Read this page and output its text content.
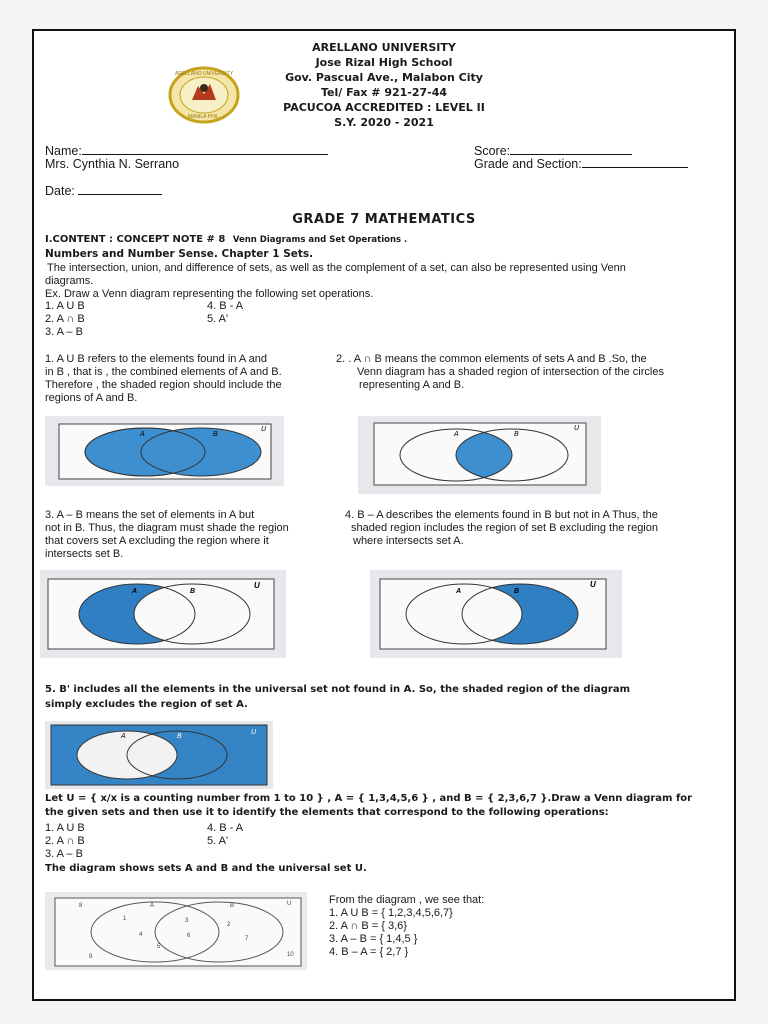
ARELLANO UNIVERSITY
MANILA PHIL.
ARELLANO UNIVERSITY
Jose Rizal High School
Gov. Pascual Ave., Malabon City
Tel/ Fax # 921-27-44
PACUCOA ACCREDITED : LEVEL II
S.Y. 2020 - 2021
Name:
Mrs. Cynthia N. Serrano
Date:
Score:
Grade and Section:
GRADE 7 MATHEMATICS
I.CONTENT : CONCEPT NOTE # 8 Venn Diagrams and Set Operations .
Numbers and Number Sense. Chapter 1 Sets.
The intersection, union, and difference of sets, as well as the complement of a set, can also be represented using Venn
diagrams.
Ex. Draw a Venn diagram representing the following set operations.
1. A U B
2. A ∩ B
3. A – B
4. B - A
5. A'
1. A U B refers to the elements found in A and
in B , that is , the combined elements of A and B.
Therefore , the shaded region should include the
regions of A and B.
2. . A ∩ B means the common elements of sets A and B .So, the
Venn diagram has a shaded region of intersection of the circles
representing A and B.
A	B
U
A	B
U
3. A – B means the set of elements in A but
not in B. Thus, the diagram must shade the region
that covers set A excluding the region where it
intersects set B.
4. B – A describes the elements found in B but not in A Thus, the
shaded region includes the region of set B excluding the region
where intersects set A.
A	B
U
A	B
U
5. B' includes all the elements in the universal set not found in A. So, the shaded region of the diagram
simply excludes the region of set A.
A	B
U
Let U = { x/x is a counting number from 1 to 10 } , A = { 1,3,4,5,6 } , and B = { 2,3,6,7 }.Draw a Venn diagram for
the given sets and then use it to identify the elements that correspond to the following operations:
1. A U B
2. A ∩ B
3. A – B
4. B - A
5. A'
The diagram shows sets A and B and the universal set U.
A	B	U
8
9	10
1
4
5
3
6
2
7
From the diagram , we see that:
1. A U B = { 1,2,3,4,5,6,7}
2. A ∩ B = { 3,6}
3. A – B = { 1,4,5 }
4. B – A = { 2,7 }
